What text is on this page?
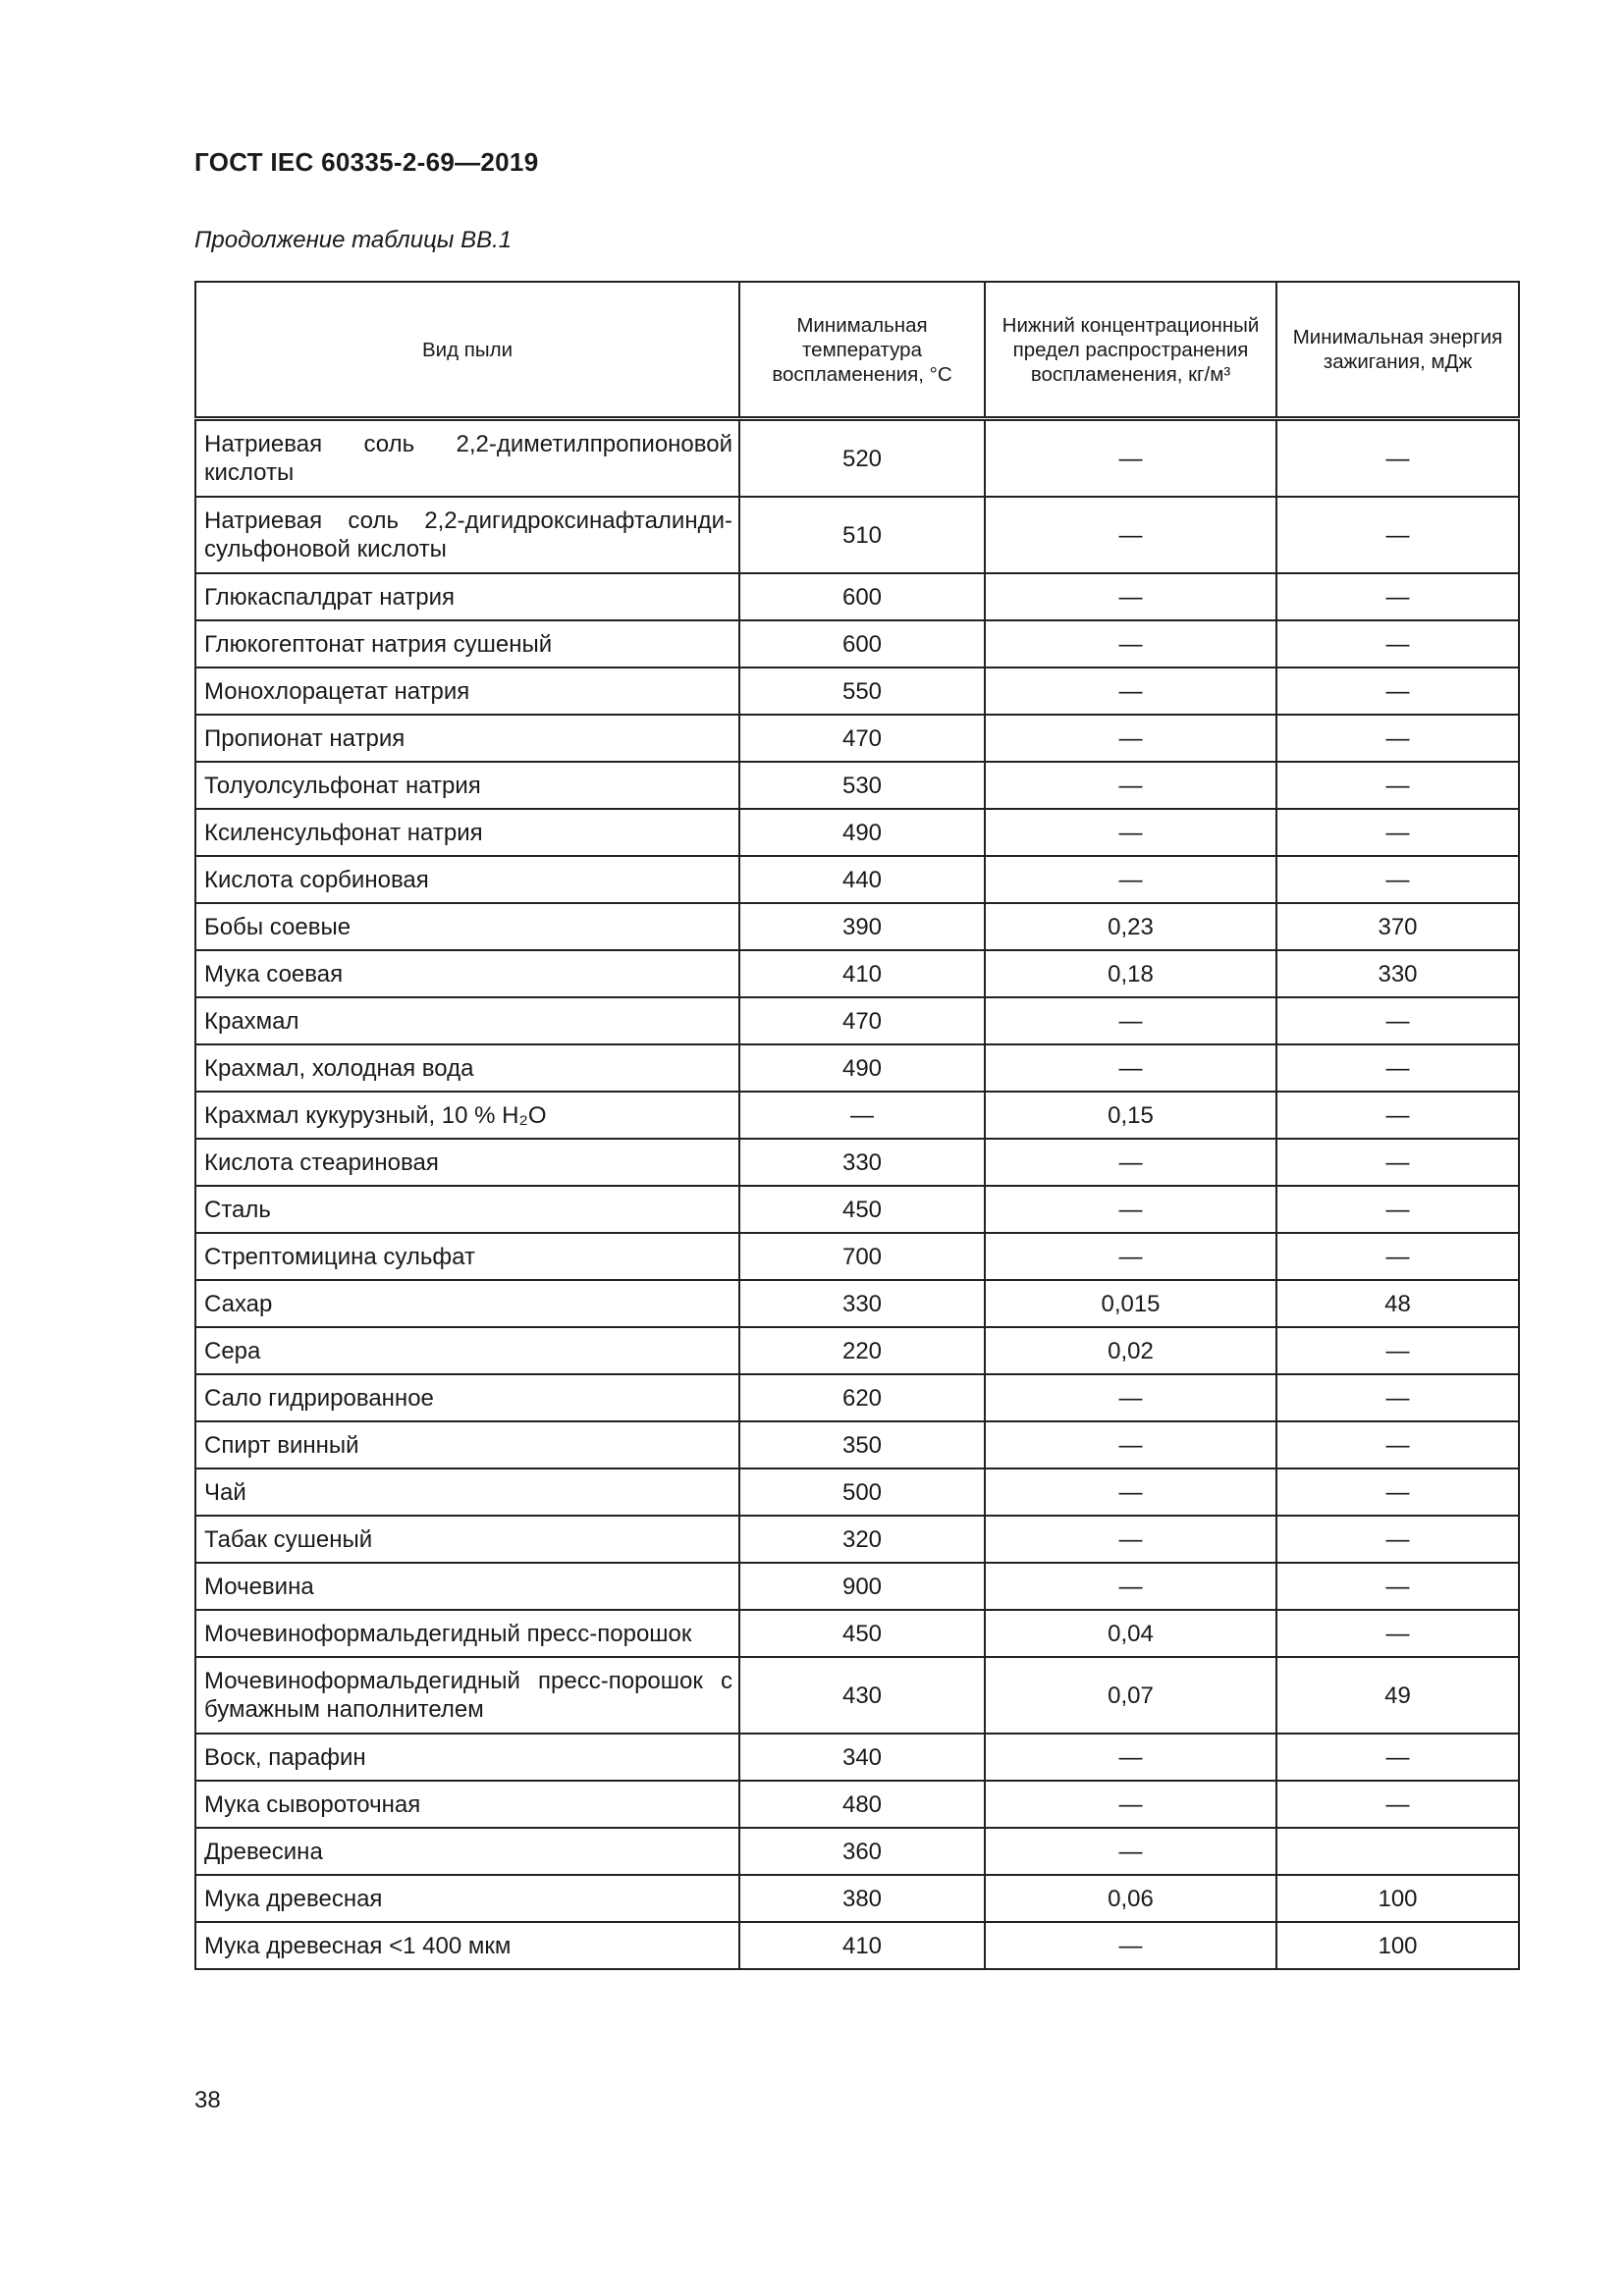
ГОСТ IEC 60335-2-69—2019
Продолжение таблицы ВВ.1
Вид пыли	Минимальная температура воспламенения, °С	Нижний концентрационный предел распространения воспламенения, кг/м³	Минимальная энергия зажигания, мДж
Натриевая соль 2,2-диметилпропионовой кислоты	520	—	—
Натриевая соль 2,2-дигидроксинафталинди-сульфоновой кислоты	510	—	—
Глюкаспалдрат натрия	600	—	—
Глюкогептонат натрия сушеный	600	—	—
Монохлорацетат натрия	550	—	—
Пропионат натрия	470	—	—
Толуолсульфонат натрия	530	—	—
Ксиленсульфонат натрия	490	—	—
Кислота сорбиновая	440	—	—
Бобы соевые	390	0,23	370
Мука соевая	410	0,18	330
Крахмал	470	—	—
Крахмал, холодная вода	490	—	—
Крахмал кукурузный, 10 % H₂O	—	0,15	—
Кислота стеариновая	330	—	—
Сталь	450	—	—
Стрептомицина сульфат	700	—	—
Сахар	330	0,015	48
Сера	220	0,02	—
Сало гидрированное	620	—	—
Спирт винный	350	—	—
Чай	500	—	—
Табак сушеный	320	—	—
Мочевина	900	—	—
Мочевиноформальдегидный пресс-порошок	450	0,04	—
Мочевиноформальдегидный пресс-порошок с бумажным наполнителем	430	0,07	49
Воск, парафин	340	—	—
Мука сывороточная	480	—	—
Древесина	360	—	
Мука древесная	380	0,06	100
Мука древесная <1 400 мкм	410	—	100
38
